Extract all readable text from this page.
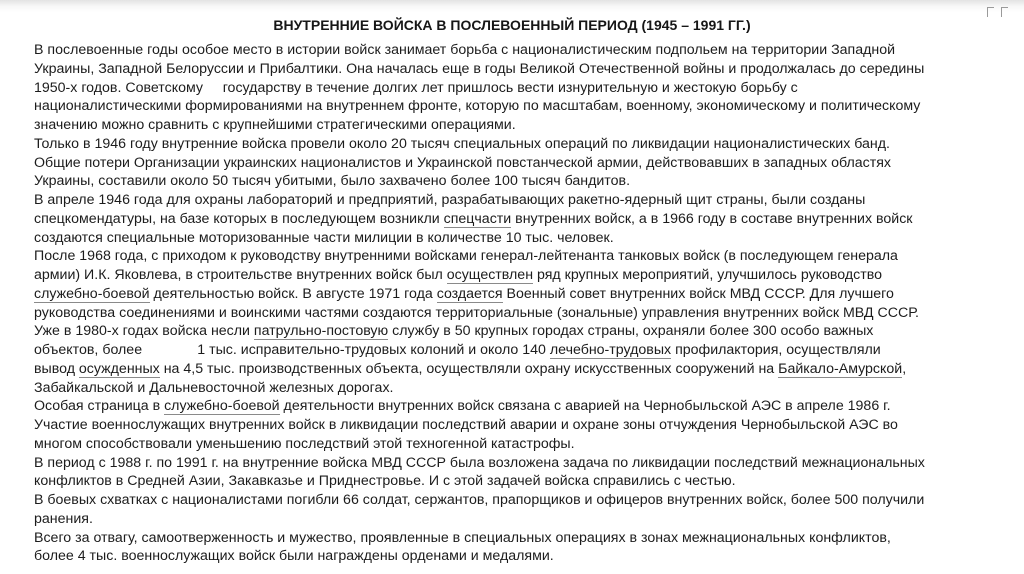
ВНУТРЕННИЕ ВОЙСКА В ПОСЛЕВОЕННЫЙ ПЕРИОД (1945 – 1991 ГГ.)
В послевоенные годы особое место в истории войск занимает борьба с националистическим подпольем на территории Западной
Украины, Западной Белоруссии и Прибалтики. Она началась еще в годы Великой Отечественной войны и продолжалась до середины
1950-х годов. Советскому     государству в течение долгих лет пришлось вести изнурительную и жестокую борьбу с
националистическими формированиями на внутреннем фронте, которую по масштабам, военному, экономическому и политическому
значению можно сравнить с крупнейшими стратегическими операциями.
Только в 1946 году внутренние войска провели около 20 тысяч специальных операций по ликвидации националистических банд.
Общие потери Организации украинских националистов и Украинской повстанческой армии, действовавших в западных областях
Украины, составили около 50 тысяч убитыми, было захвачено более 100 тысяч бандитов.
В апреле 1946 года для охраны лабораторий и предприятий, разрабатывающих ракетно-ядерный щит страны, были созданы
спецкомендатуры, на базе которых в последующем возникли спецчасти внутренних войск, а в 1966 году в составе внутренних войск
создаются специальные моторизованные части милиции в количестве 10 тыс. человек.
После 1968 года, с приходом к руководству внутренними войсками генерал-лейтенанта танковых войск (в последующем генерала
армии) И.К. Яковлева, в строительстве внутренних войск был осуществлен ряд крупных мероприятий, улучшилось руководство
служебно-боевой деятельностью войск. В августе 1971 года создается Военный совет внутренних войск МВД СССР. Для лучшего
руководства соединениями и воинскими частями создаются территориальные (зональные) управления внутренних войск МВД СССР.
Уже в 1980-х годах войска несли патрульно-постовую службу в 50 крупных городах страны, охраняли более 300 особо важных
объектов, более              1 тыс. исправительно-трудовых колоний и около 140 лечебно-трудовых профилактория, осуществляли
вывод осужденных на 4,5 тыс. производственных объекта, осуществляли охрану искусственных сооружений на Байкало-Амурской,
Забайкальской и Дальневосточной железных дорогах.
Особая страница в служебно-боевой деятельности внутренних войск связана с аварией на Чернобыльской АЭС в апреле 1986 г.
Участие военнослужащих внутренних войск в ликвидации последствий аварии и охране зоны отчуждения Чернобыльской АЭС во
многом способствовали уменьшению последствий этой техногенной катастрофы.
В период с 1988 г. по 1991 г. на внутренние войска МВД СССР была возложена задача по ликвидации последствий межнациональных
конфликтов в Средней Азии, Закавказье и Приднестровье. И с этой задачей войска справились с честью.
В боевых схватках с националистами погибли 66 солдат, сержантов, прапорщиков и офицеров внутренних войск, более 500 получили
ранения.
Всего за отвагу, самоотверженность и мужество, проявленные в специальных операциях в зонах межнациональных конфликтов,
более 4 тыс. военнослужащих войск были награждены орденами и медалями.
